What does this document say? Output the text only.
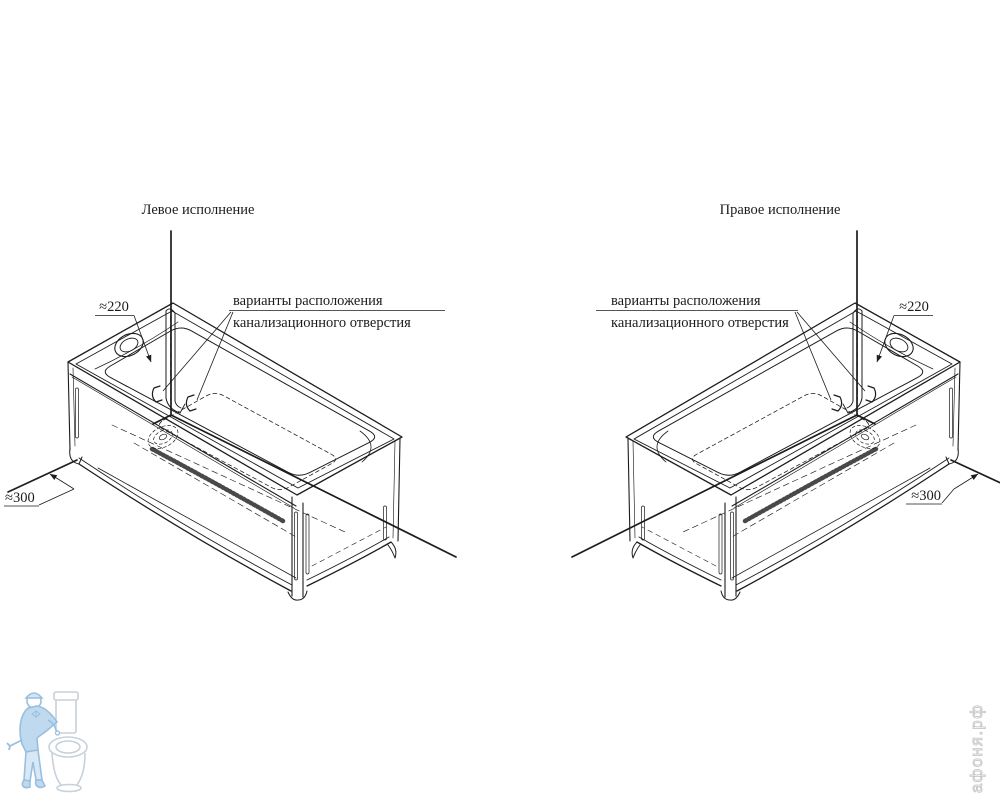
Левое исполнение
варианты расположения
канализационного отверстия
≈220
≈300
Правое исполнение
варианты расположения
канализационного отверстия
≈220
≈300
афоня.рф
